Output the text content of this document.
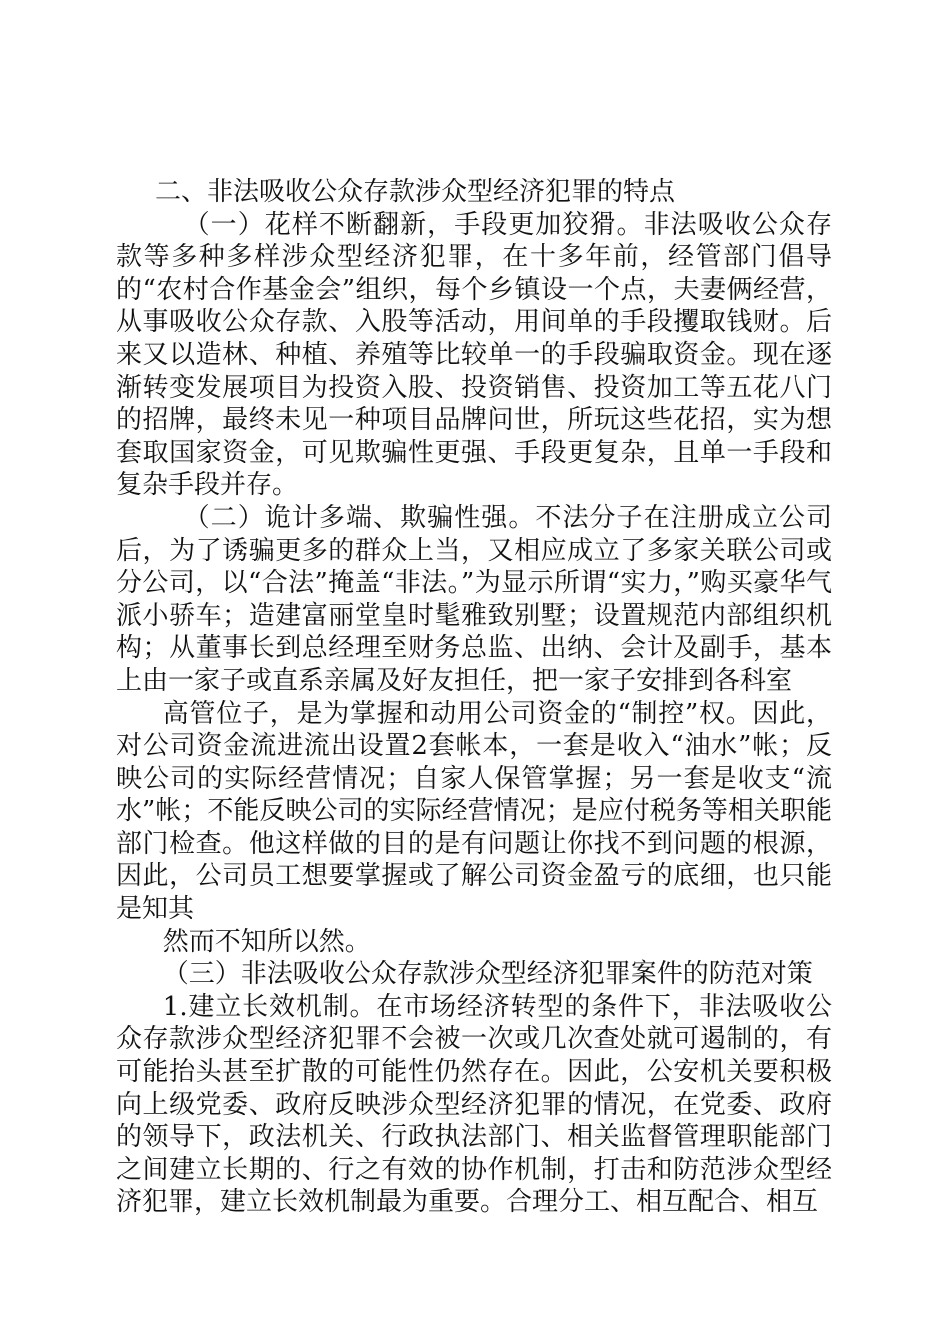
二、非法吸收公众存款涉众型经济犯罪的特点

（一）花样不断翻新，手段更加狡猾。非法吸收公众存款等多种多样涉众型经济犯罪，在十多年前，经管部门倡导的“农村合作基金会”组织，每个乡镇设一个点，夫妻俩经营，从事吸收公众存款、入股等活动，用间单的手段攫取钱财。后来又以造林、种植、养殖等比较单一的手段骗取资金。现在逐渐转变发展项目为投资入股、投资销售、投资加工等五花八门的招牌，最终未见一种项目品牌问世，所玩这些花招，实为想套取国家资金，可见欺骗性更强、手段更复杂，且单一手段和复杂手段并存。

（二）诡计多端、欺骗性强。不法分子在注册成立公司后，为了诱骗更多的群众上当，又相应成立了多家关联公司或分公司，以“合法”掩盖“非法。”为显示所谓“实力，”购买豪华气派小骄车；造建富丽堂皇时髦雅致别墅；设置规范内部组织机构；从董事长到总经理至财务总监、出纳、会计及副手，基本上由一家子或直系亲属及好友担任，把一家子安排到各科室

高管位子，是为掌握和动用公司资金的“制控”权。因此，对公司资金流进流出设置2套帐本，一套是收入“油水”帐；反映公司的实际经营情况；自家人保管掌握；另一套是收支“流水”帐；不能反映公司的实际经营情况；是应付税务等相关职能部门检查。他这样做的目的是有问题让你找不到问题的根源，因此，公司员工想要掌握或了解公司资金盈亏的底细，也只能是知其

然而不知所以然。

（三）非法吸收公众存款涉众型经济犯罪案件的防范对策

1.建立长效机制。在市场经济转型的条件下，非法吸收公众存款涉众型经济犯罪不会被一次或几次查处就可遏制的，有可能抬头甚至扩散的可能性仍然存在。因此，公安机关要积极向上级党委、政府反映涉众型经济犯罪的情况，在党委、政府的领导下，政法机关、行政执法部门、相关监督管理职能部门之间建立长期的、行之有效的协作机制，打击和防范涉众型经济犯罪，建立长效机制最为重要。合理分工、相互配合、相互
